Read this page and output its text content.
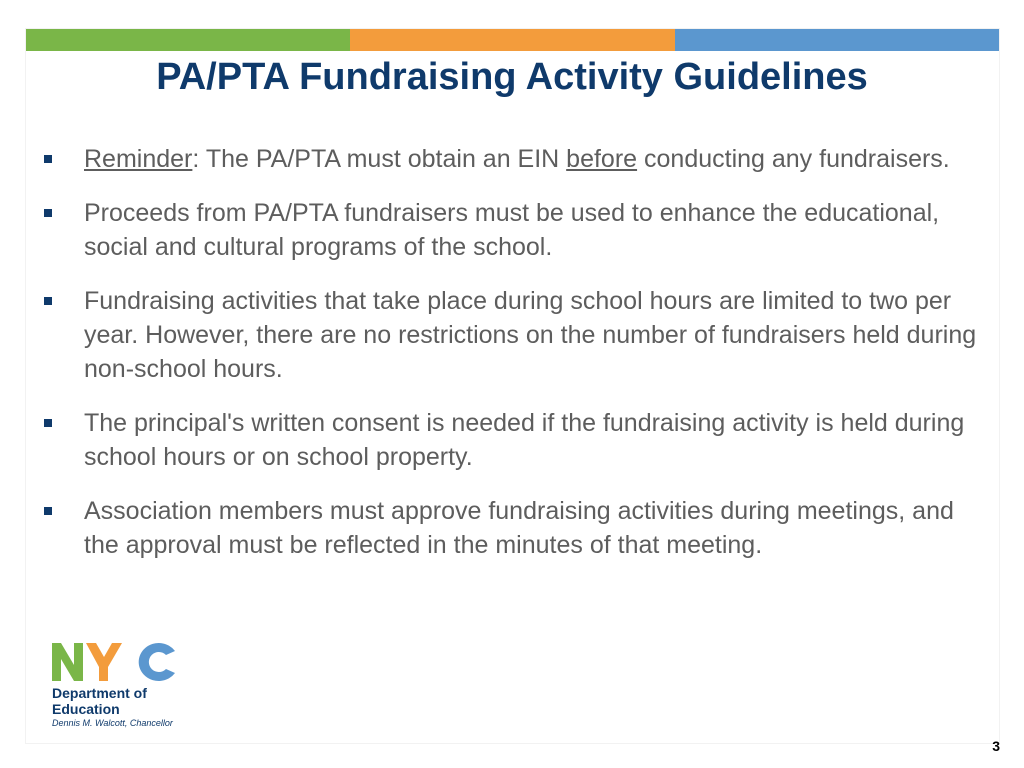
PA/PTA Fundraising Activity Guidelines
Reminder: The PA/PTA must obtain an EIN before conducting any fundraisers.
Proceeds from PA/PTA fundraisers must be used to enhance the educational, social and cultural programs of the school.
Fundraising activities that take place during school hours are limited to two per year. However, there are no restrictions on the number of fundraisers held during non-school hours.
The principal's written consent is needed if the fundraising activity is held during school hours or on school property.
Association members must approve fundraising activities during meetings, and the approval must be reflected in the minutes of that meeting.
Department of
Education
Dennis M. Walcott, Chancellor
3
